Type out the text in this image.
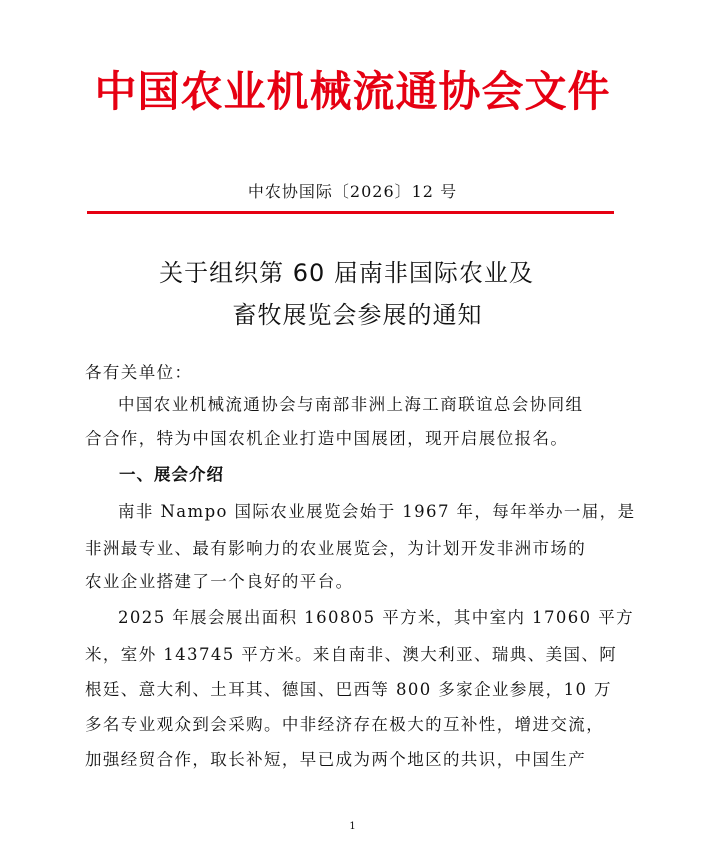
中国农业机械流通协会文件
中农协国际〔2026〕12 号
关于组织第 60 届南非国际农业及
畜牧展览会参展的通知
各有关单位：
中国农业机械流通协会与南部非洲上海工商联谊总会协同组
合合作，特为中国农机企业打造中国展团，现开启展位报名。
一、展会介绍
南非 Nampo 国际农业展览会始于 1967 年，每年举办一届，是
非洲最专业、最有影响力的农业展览会，为计划开发非洲市场的
农业企业搭建了一个良好的平台。
2025 年展会展出面积 160805 平方米，其中室内 17060 平方
米，室外 143745 平方米。来自南非、澳大利亚、瑞典、美国、阿
根廷、意大利、土耳其、德国、巴西等 800 多家企业参展，10 万
多名专业观众到会采购。中非经济存在极大的互补性，增进交流，
加强经贸合作，取长补短，早已成为两个地区的共识，中国生产
1
